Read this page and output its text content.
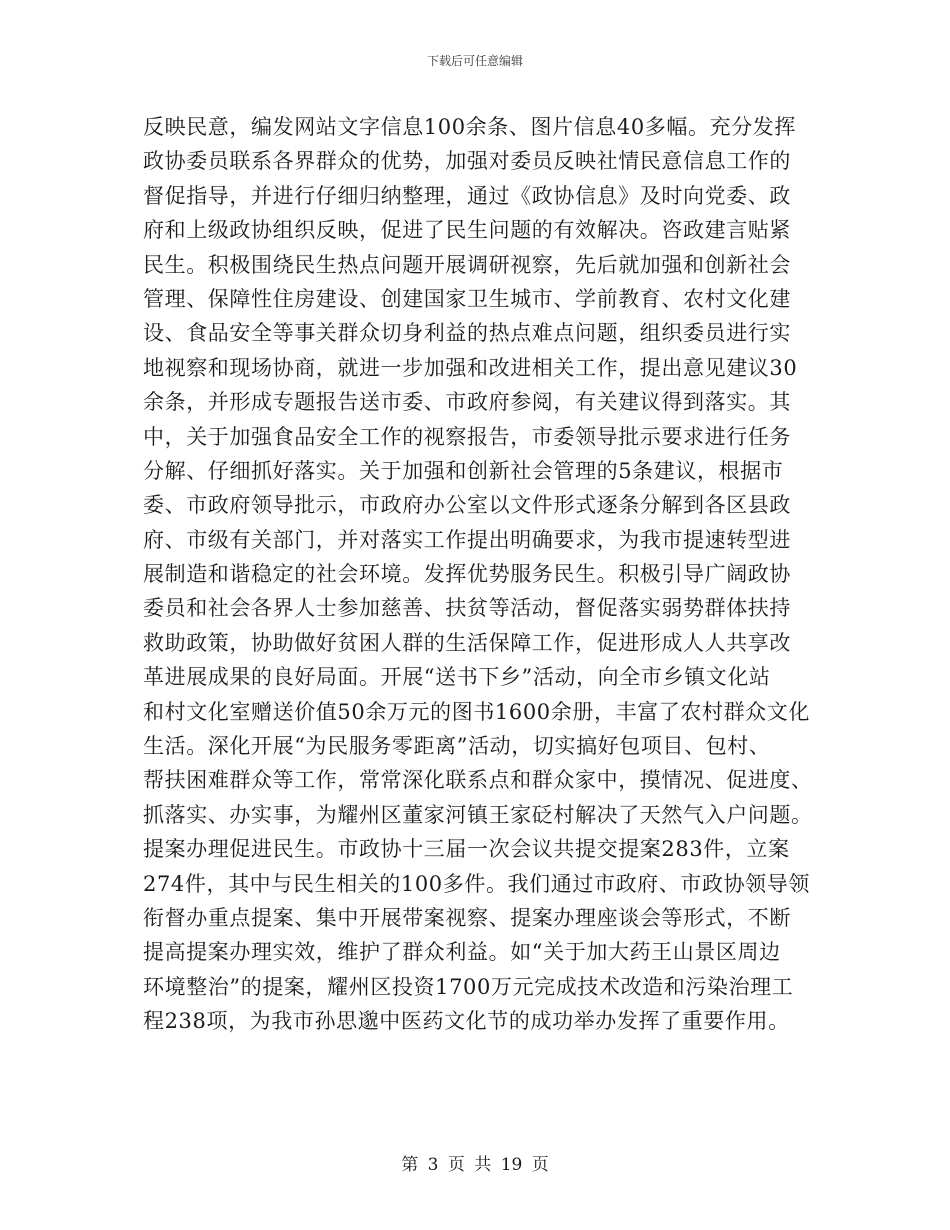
下载后可任意编辑
反映民意，编发网站文字信息100余条、图片信息40多幅。充分发挥
政协委员联系各界群众的优势，加强对委员反映社情民意信息工作的
督促指导，并进行仔细归纳整理，通过《政协信息》及时向党委、政
府和上级政协组织反映，促进了民生问题的有效解决。咨政建言贴紧
民生。积极围绕民生热点问题开展调研视察，先后就加强和创新社会
管理、保障性住房建设、创建国家卫生城市、学前教育、农村文化建
设、食品安全等事关群众切身利益的热点难点问题，组织委员进行实
地视察和现场协商，就进一步加强和改进相关工作，提出意见建议30
余条，并形成专题报告送市委、市政府参阅，有关建议得到落实。其
中，关于加强食品安全工作的视察报告，市委领导批示要求进行任务
分解、仔细抓好落实。关于加强和创新社会管理的5条建议，根据市
委、市政府领导批示，市政府办公室以文件形式逐条分解到各区县政
府、市级有关部门，并对落实工作提出明确要求，为我市提速转型进
展制造和谐稳定的社会环境。发挥优势服务民生。积极引导广阔政协
委员和社会各界人士参加慈善、扶贫等活动，督促落实弱势群体扶持
救助政策，协助做好贫困人群的生活保障工作，促进形成人人共享改
革进展成果的良好局面。开展“送书下乡”活动，向全市乡镇文化站
和村文化室赠送价值50余万元的图书1600余册，丰富了农村群众文化
生活。深化开展“为民服务零距离”活动，切实搞好包项目、包村、
帮扶困难群众等工作，常常深化联系点和群众家中，摸情况、促进度、
抓落实、办实事，为耀州区董家河镇王家砭村解决了天然气入户问题。
提案办理促进民生。市政协十三届一次会议共提交提案283件，立案
274件，其中与民生相关的100多件。我们通过市政府、市政协领导领
衔督办重点提案、集中开展带案视察、提案办理座谈会等形式，不断
提高提案办理实效，维护了群众利益。如“关于加大药王山景区周边
环境整治”的提案，耀州区投资1700万元完成技术改造和污染治理工
程238项，为我市孙思邈中医药文化节的成功举办发挥了重要作用。
第 3 页 共 19 页
